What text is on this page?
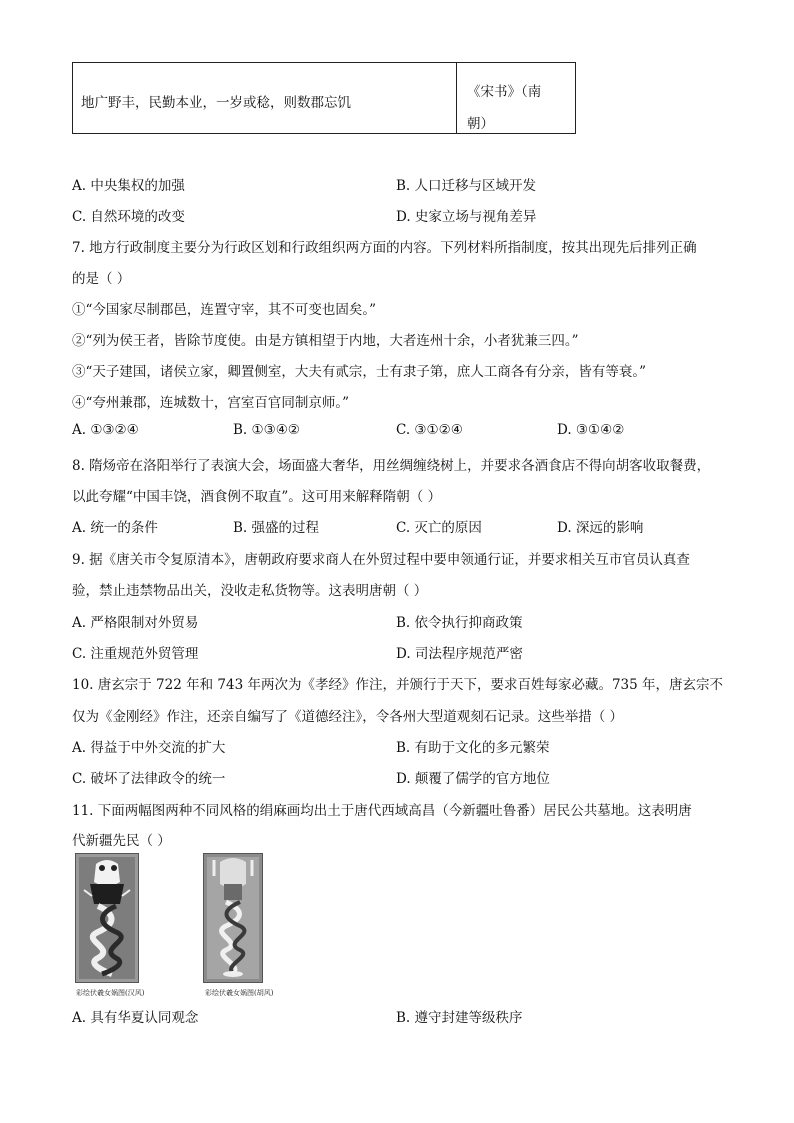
地广野丰，民勤本业，一岁或稔，则数郡忘饥
《宋书》（南
朝）
A. 中央集权的加强	B. 人口迁移与区域开发
C. 自然环境的改变	D. 史家立场与视角差异
7. 地方行政制度主要分为行政区划和行政组织两方面的内容。下列材料所指制度，按其出现先后排列正确
的是（ ）
①“今国家尽制郡邑，连置守宰，其不可变也固矣。”
②“列为侯王者，皆除节度使。由是方镇相望于内地，大者连州十余，小者犹兼三四。”
③“天子建国，诸侯立家，卿置侧室，大夫有贰宗，士有隶子第，庶人工商各有分亲，皆有等衰。”
④“夸州兼郡，连城数十，宫室百官同制京师。”
A. ①③②④	B. ①③④②	C. ③①②④	D. ③①④②
8. 隋炀帝在洛阳举行了表演大会，场面盛大奢华，用丝绸缠绕树上，并要求各酒食店不得向胡客收取餐费，
以此夸耀“中国丰饶，酒食例不取直”。这可用来解释隋朝（ ）
A. 统一的条件	B. 强盛的过程	C. 灭亡的原因	D. 深远的影响
9. 据《唐关市令复原清本》，唐朝政府要求商人在外贸过程中要申领通行证，并要求相关互市官员认真查
验，禁止违禁物品出关，没收走私货物等。这表明唐朝（ ）
A. 严格限制对外贸易	B. 依令执行抑商政策
C. 注重规范外贸管理	D. 司法程序规范严密
10. 唐玄宗于 722 年和 743 年两次为《孝经》作注，并颁行于天下，要求百姓每家必藏。735 年，唐玄宗不
仅为《金刚经》作注，还亲自编写了《道德经注》，令各州大型道观刻石记录。这些举措（ ）
A. 得益于中外交流的扩大	B. 有助于文化的多元繁荣
C. 破坏了法律政令的统一	D. 颠覆了儒学的官方地位
11. 下面两幅图两种不同风格的绢麻画均出土于唐代西域高昌（今新疆吐鲁番）居民公共墓地。这表明唐
代新疆先民（ ）
彩绘伏羲女娲图(汉风)	彩绘伏羲女娲图(胡风)
A. 具有华夏认同观念	B. 遵守封建等级秩序
